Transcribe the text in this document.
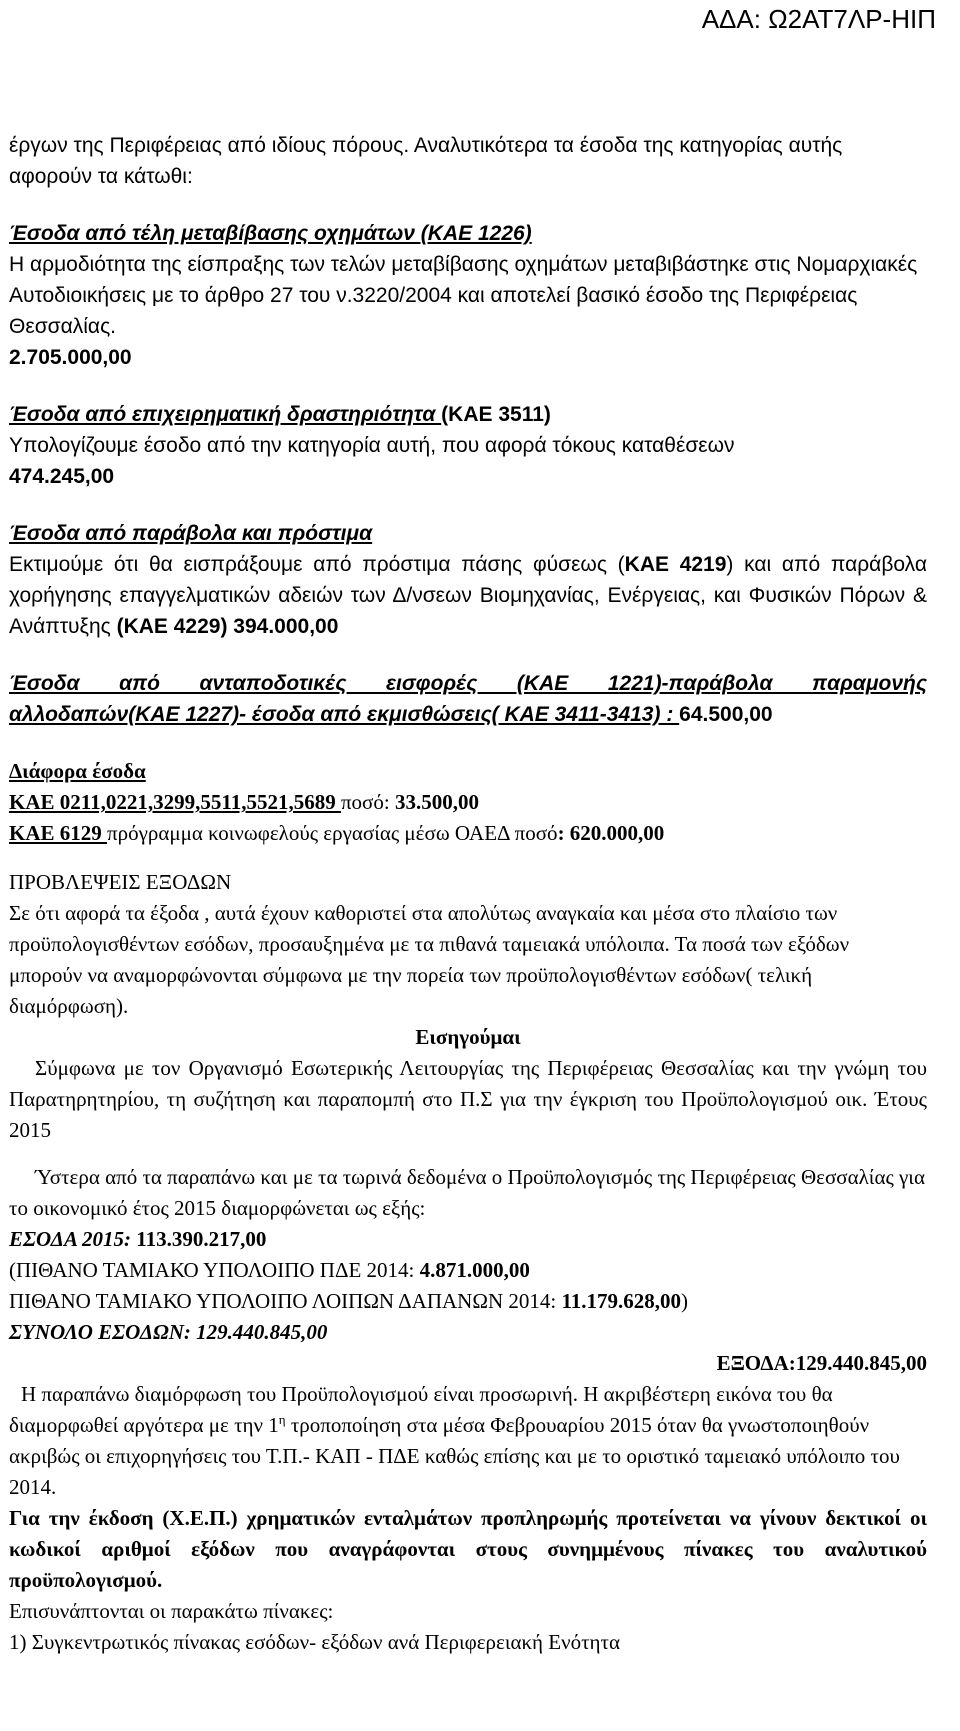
ΑΔΑ: Ω2ΑΤ7ΛΡ-ΗΙΠ

έργων της Περιφέρειας από ιδίους πόρους. Αναλυτικότερα τα έσοδα της κατηγορίας αυτής αφορούν τα κάτωθι:

Έσοδα από τέλη μεταβίβασης οχημάτων (ΚΑΕ 1226)

Η αρμοδιότητα της είσπραξης των τελών μεταβίβασης οχημάτων μεταβιβάστηκε στις Νομαρχιακές Αυτοδιοικήσεις με το άρθρο 27 του ν.3220/2004 και αποτελεί βασικό έσοδο της Περιφέρειας Θεσσαλίας.

2.705.000,00

Έσοδα από επιχειρηματική δραστηριότητα (ΚΑΕ 3511)

Υπολογίζουμε έσοδο από την κατηγορία αυτή, που αφορά τόκους καταθέσεων

474.245,00

Έσοδα από παράβολα και πρόστιμα

Εκτιμούμε ότι θα εισπράξουμε από πρόστιμα πάσης φύσεως (ΚΑΕ 4219) και από παράβολα χορήγησης επαγγελματικών αδειών των Δ/νσεων Βιομηχανίας, Ενέργειας, και Φυσικών Πόρων & Ανάπτυξης (ΚΑΕ 4229) 394.000,00

Έσοδα από ανταποδοτικές εισφορές (ΚΑΕ 1221)-παράβολα παραμονής

αλλοδαπών(ΚΑΕ 1227)- έσοδα από εκμισθώσεις( ΚΑΕ 3411-3413) : 64.500,00

Διάφορα έσοδα

ΚΑΕ 0211,0221,3299,5511,5521,5689 ποσό: 33.500,00

ΚΑΕ 6129 πρόγραμμα κοινωφελούς εργασίας μέσω ΟΑΕΔ ποσό: 620.000,00

ΠΡΟΒΛΕΨΕΙΣ ΕΞΟΔΩΝ

Σε ότι αφορά τα έξοδα , αυτά έχουν καθοριστεί στα απολύτως αναγκαία και μέσα στο πλαίσιο των προϋπολογισθέντων εσόδων, προσαυξημένα με τα πιθανά ταμειακά υπόλοιπα. Τα ποσά των εξόδων μπορούν να αναμορφώνονται σύμφωνα με την πορεία των προϋπολογισθέντων εσόδων( τελική διαμόρφωση).

Εισηγούμαι

Σύμφωνα με τον Οργανισμό Εσωτερικής Λειτουργίας της Περιφέρειας Θεσσαλίας και την γνώμη του Παρατηρητηρίου, τη συζήτηση και παραπομπή στο Π.Σ για την έγκριση του Προϋπολογισμού οικ. Έτους 2015

Ύστερα από τα παραπάνω και με τα τωρινά δεδομένα ο Προϋπολογισμός της Περιφέρειας Θεσσαλίας για το οικονομικό έτος 2015 διαμορφώνεται ως εξής:

ΕΣΟΔΑ 2015: 113.390.217,00

(ΠΙΘΑΝΟ ΤΑΜΙΑΚΟ ΥΠΟΛΟΙΠΟ ΠΔΕ 2014: 4.871.000,00

ΠΙΘΑΝΟ ΤΑΜΙΑΚΟ ΥΠΟΛΟΙΠΟ ΛΟΙΠΩΝ ΔΑΠΑΝΩΝ 2014: 11.179.628,00)

ΣΥΝΟΛΟ ΕΣΟΔΩΝ: 129.440.845,00

ΕΞΟΔΑ:129.440.845,00

Η παραπάνω διαμόρφωση του Προϋπολογισμού είναι προσωρινή. Η ακριβέστερη εικόνα του θα διαμορφωθεί αργότερα με την $1^\eta$ τροποποίηση στα μέσα Φεβρουαρίου 2015 όταν θα γνωστοποιηθούν ακριβώς οι επιχορηγήσεις του Τ.Π.- ΚΑΠ - ΠΔΕ καθώς επίσης και με το οριστικό ταμειακό υπόλοιπο του 2014.

Για την έκδοση (Χ.Ε.Π.) χρηματικών ενταλμάτων προπληρωμής προτείνεται να γίνουν δεκτικοί οι κωδικοί αριθμοί εξόδων που αναγράφονται στους συνημμένους πίνακες του αναλυτικού προϋπολογισμού.

Επισυνάπτονται οι παρακάτω πίνακες:

1) Συγκεντρωτικός πίνακας εσόδων- εξόδων ανά Περιφερειακή Ενότητα
